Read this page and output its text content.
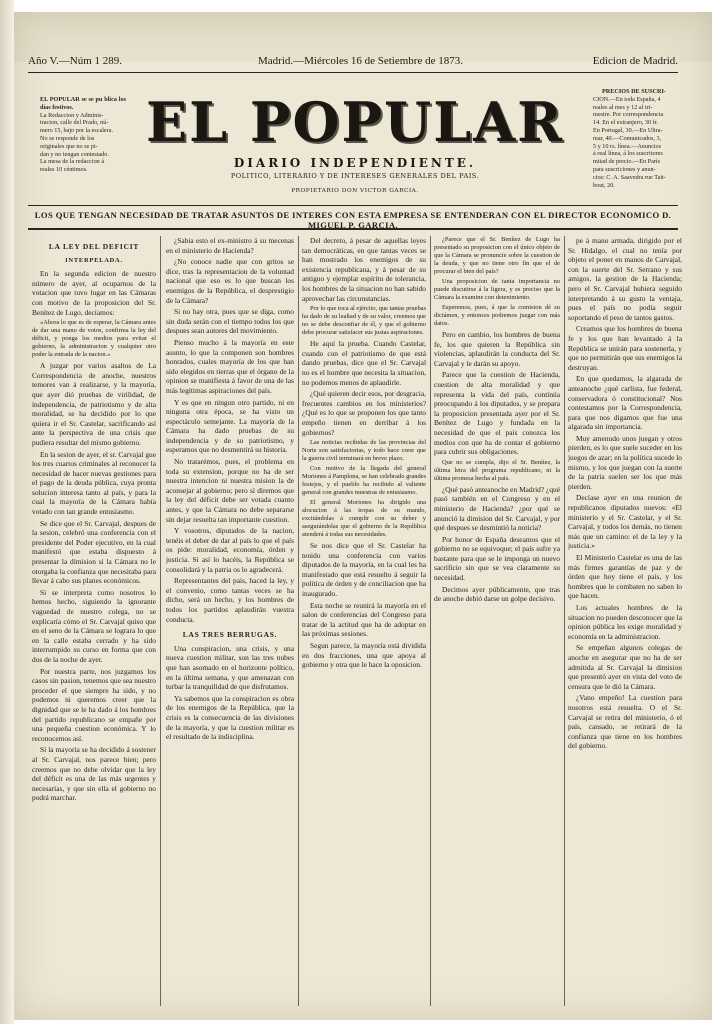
Año V.—Núm 1 289.	Madrid.—Miércoles 16 de Setiembre de 1873.	Edicion de Madrid.

EL POPULAR se se pu blica los días festivos.

La Redaccion y Adminis-

tracion, calle del Prado, nú-

mero 15, bajo por la escalera.

No se responde de los

originales que no se pi-

dan y no tengan contestado.

La mesa de la redaccion á

reales 10 céntimos.

PRECIOS DE SUSCRI-

CION.—En toda España, 4

reales al mes y 12 al tri-

mestre. Por correspondencia

14. En el extranjero, 30 fr.

En Portugal, 30.—En Ultra-

mar, 40.—Comunicados, 3,

5 y 10 rs. línea.—Anuncios

á real línea, á los suscritores

mitad de precio.—En París

para suscriciones y anun-

cios: C. A. Saavedra rue Tait-

bout, 20.

EL POPULAR
DIARIO INDEPENDIENTE.
POLITICO, LITERARIO Y DE INTERESES GENERALES DEL PAIS.
PROPIETARIO DON VICTOR GARCIA.
LOS QUE TENGAN NECESIDAD DE TRATAR ASUNTOS DE INTERES CON ESTA EMPRESA SE ENTENDERAN CON EL DIRECTOR ECONOMICO D. MIGUEL P. GARCIA.

LA LEY DEL DEFICIT

INTERPELADA.

En la segunda edicion de nuestro número de ayer, al ocuparnos de la votacion que tuvo lugar en las Cámaras con motivo de la proposicion del Sr. Benítez de Lugo, decíamos:

«Ahora lo que es de esperar, la Cámara antes de dar una mano de votos, confirma la ley del déficit, y ponga los medios para evitar el gobierno, la administracion y cualquier otro poder la entrada de la nacion.»

A juzgar por varios asaltos de La Correspondencia de anoche, nuestros temores van á realizarse, y la mayoría, que ayer dió pruebas de virilidad, de independencia, de patriotismo y de alta moralidad, se ha decidido por lo que quiera ir el Sr. Castelar, sacrificando así ante la perspectiva de una crisis que pudiera resultar del mismo gobierno.

En la sesion de ayer, el sr. Carvajal gue los tres cuartos criminales al reconocer la necesidad de hacer nuevas gestiones para el pago de la deuda pública, cuya pronta solucion interesa tanto al país, y para la cual la mayoría de la Cámara había votado con tan grande entusiasmo.

Se dice que el Sr. Carvajal, despues de la sesion, celebró una conferencia con el presidente del Poder ejecutivo, en la cual manifestó que estaba dispuesto á presentar la dimision si la Cámara no le otorgaba la confianza que necesitaba para llevar á cabo sus planes económicos.

Si se interpreta como nosotros lo hemos hecho, siguiendo la ignorante vaguedad de nuestro colega, no se explicaría cómo el Sr. Carvajal quiso que en el seno de la Cámara se lograra lo que en la calle estaba cerrado y ha sido interrumpido su curso en forma que con dos de la noche de ayer.

Por nuestra parte, nos juzgamos los casos sin pasion, tenemos que sea nuestro proceder el que siempre ha sido, y no podemos ni queremos creer que la dignidad que se le ha dado á los hombres del partido republicano se empañe por una pequeña cuestion económica. Y lo reconocemos así.

Si la mayoría se ha decidido á sostener al Sr. Carvajal, nos parece bien; pero creemos que no debe olvidar que la ley del déficit es una de las más urgentes y necesarias, y que sin ella el gobierno no podrá marchar.

¿Sabia esto el ex-ministro á su mecenas en el ministerio de Hacienda?

¿No conoce nadie que con gritos se dice, tras la representacion de la voluntad nacional que eso es lo que buscan los enemigos de la República, el desprestigio de la Cámara?

Si no hay otra, pues que se diga, como sin duda serán con el tiempo todos los que despues sean autores del movimiento.

Pienso mucho á la mayoría en este asunto, lo que la componen son hombres honrados, cuales mayoría de los que han sido elegidos en tierras que el órgano de la opinion se manifiesta á favor de una de las más legítimas aspiraciones del país.

Y es que en ningun otro partido, ni en ninguna otra época, se ha visto un espectáculo semejante. La mayoría de la Cámara ha dado pruebas de su independencia y de su patriotismo, y esperamos que no desmentirá su historia.

No tratarémos, pues, el problema en toda su extension, porque no ha de ser nuestra intencion ni nuestra mision la de aconsejar al gobierno; pero sí diremos que la ley del déficit debe ser votada cuanto antes, y que la Cámara no debe separarse sin dejar resuelta tan importante cuestion.

Y vosotros, diputados de la nacion, tenéis el deber de dar al país lo que el país os pide: moralidad, economía, órden y justicia. Si así lo hacéis, la República se consolidará y la patria os lo agradecerá.

Representantes del pais, haced la ley, y el convenio, como tantas veces se ha dicho, será un hecho, y los hombres de todos los partidos aplaudirán vuestra conducta.

LAS TRES BERRUGAS.

Una conspiracion, una crisis, y una nueva cuestion militar, son las tres nubes que han asomado en el horizonte político, en la última semana, y que amenazan con turbar la tranquilidad de que disfrutamos.

Ya sabemos que la conspiracion es obra de los enemigos de la República, que la crisis es la consecuencia de las divisiones de la mayoría, y que la cuestion militar es el resultado de la indisciplina.

Del decreto, á pesar de aquellas leyes tan democráticas, en que tantas veces se han mostrado los enemigos de su existencia republicana, y á pesar de su antiguo y ejemplar espíritu de tolerancia, los hombres de la situacion no han sabido aprovechar las circunstancias.

Por lo que toca al ejército, que tantas pruebas ha dado de su lealtad y de su valor, creemos que no se debe desconfiar de él, y que el gobierno debe procurar satisfacer sus justas aspiraciones.

He aquí la prueba. Cuando Castelar, cuando con el patriotismo de que está dando pruebas, dice que el Sr. Carvajal no es el hombre que necesita la situacion, no podemos menos de aplaudirle.

¿Qué quieren decir esos, por desgracia, frecuentes cambios en los ministerios? ¿Qué es lo que se proponen los que tanto empeño tienen en derribar á los gobiernos?

Las noticias recibidas de las provincias del Norte son satisfactorias, y todo hace creer que la guerra civil terminará en breve plazo.

Con motivo de la llegada del general Moriones á Pamplona, se han celebrado grandes festejos, y el pueblo ha recibido al valiente general con grandes muestras de entusiasmo.

El general Moriones ha dirigido una alocucion á las tropas de su mando, excitándolas á cumplir con su deber y asegurándolas que el gobierno de la República atenderá á todas sus necesidades.

Se nos dice que el Sr. Castelar ha tenido una conferencia con varios diputados de la mayoría, en la cual les ha manifestado que está resuelto á seguir la política de órden y de conciliacion que ha inaugurado.

Esta noche se reunirá la mayoría en el salon de conferencias del Congreso para tratar de la actitud que ha de adoptar en las próximas sesiones.

Segun parece, la mayoría está dividida en dos fracciones, una que apoya al gobierno y otra que le hace la oposicion.

¿Parece que el Sr. Benítez de Lugo ha presentado su proposicion con el único objeto de que la Cámara se pronuncie sobre la cuestion de la deuda, y que no tiene otro fin que el de procurar el bien del país?

Una proposicion de tanta importancia no puede discutirse á la ligera, y es preciso que la Cámara la examine con detenimiento.

Esperemos, pues, á que la comision dé su dictámen, y entonces podremos juzgar con más datos.

Pero en cambio, los hombres de buena fe, los que quieren la República sin violencias, aplaudirán la conducta del Sr. Carvajal y le darán su apoyo.

Parece que la cuestion de Hacienda, cuestion de alta moralidad y que representa la vida del país, continúa preocupando á los diputados, y se prepara la proposicion presentada ayer por el Sr. Benítez de Lugo y fundada en la necesidad de que el país conozca los medios con que ha de contar el gobierno para cubrir sus obligaciones.

Que no se cumpla, dijo el Sr. Benítez, la última letra del programa republicano, ni la última promesa hecha al país.

¿Qué pasó anteanoche en Madrid? ¿qué pasó también en el Congreso y en el ministerio de Hacienda? ¿por qué se anunció la dimision del Sr. Carvajal, y por qué despues se desmintió la noticia?

Por honor de España deseamos que el gobierno no se equivoque; el país sufre ya bastante para que se le imponga un nuevo sacrificio sin que se vea claramente su necesidad.

Decimos ayer públicamente, que tras de anoche debió darse un golpe decisivo.

pe á mano armada, dirigido por el Sr. Hidalgo, el cual no tenía por objeto el poner en manos de Carvajal, con la suerte del Sr. Serrano y sus amigos, la gestion de la Hacienda; pero el Sr. Carvajal hubiera seguido interpretando á su gusto la ventaja, pues el país no podía seguir soportando el peso de tantos gastos.

Creamos que los hombres de buena fe y los que han levantado á la República se unirán para sostenerla, y que no permitirán que sus enemigos la destruyan.

En que quedamos, la algarada de anteanoche ¿qué carlista, fue federal, conservadora ó constitucional? Nos contestamos por la Correspondencia, para que nos digamos que fue una algarada sin importancia.

Muy amenudo unos juegan y otros pierden, es lo que suele suceder en los juegos de azar; en la política sucede lo mismo, y los que juegan con la suerte de la patria suelen ser los que más pierden.

Decíase ayer en una reunion de republicanos diputados nuevos: «El ministerio y el Sr. Castelar, y el Sr. Carvajal, y todos los demás, no tienen más que un camino: el de la ley y la justicia.»

El Ministerio Castelar es una de las más firmes garantías de paz y de órden que hoy tiene el país, y los hombres que le combaten no saben lo que hacen.

Los actuales hombres de la situacion no pueden desconocer que la opinion pública les exige moralidad y economía en la administracion.

Se empeñan algunos colegas de anoche en asegurar que no ha de ser admitida al Sr. Carvajal la dimision que presentó ayer en vista del voto de censura que le dió la Cámara.

¿Vano empeño! La cuestion para nosotros está resuelta. O el Sr. Carvajal se retira del ministerio, ó el país, cansado, se retirará de la confianza que tiene en los hombres del gobierno.
